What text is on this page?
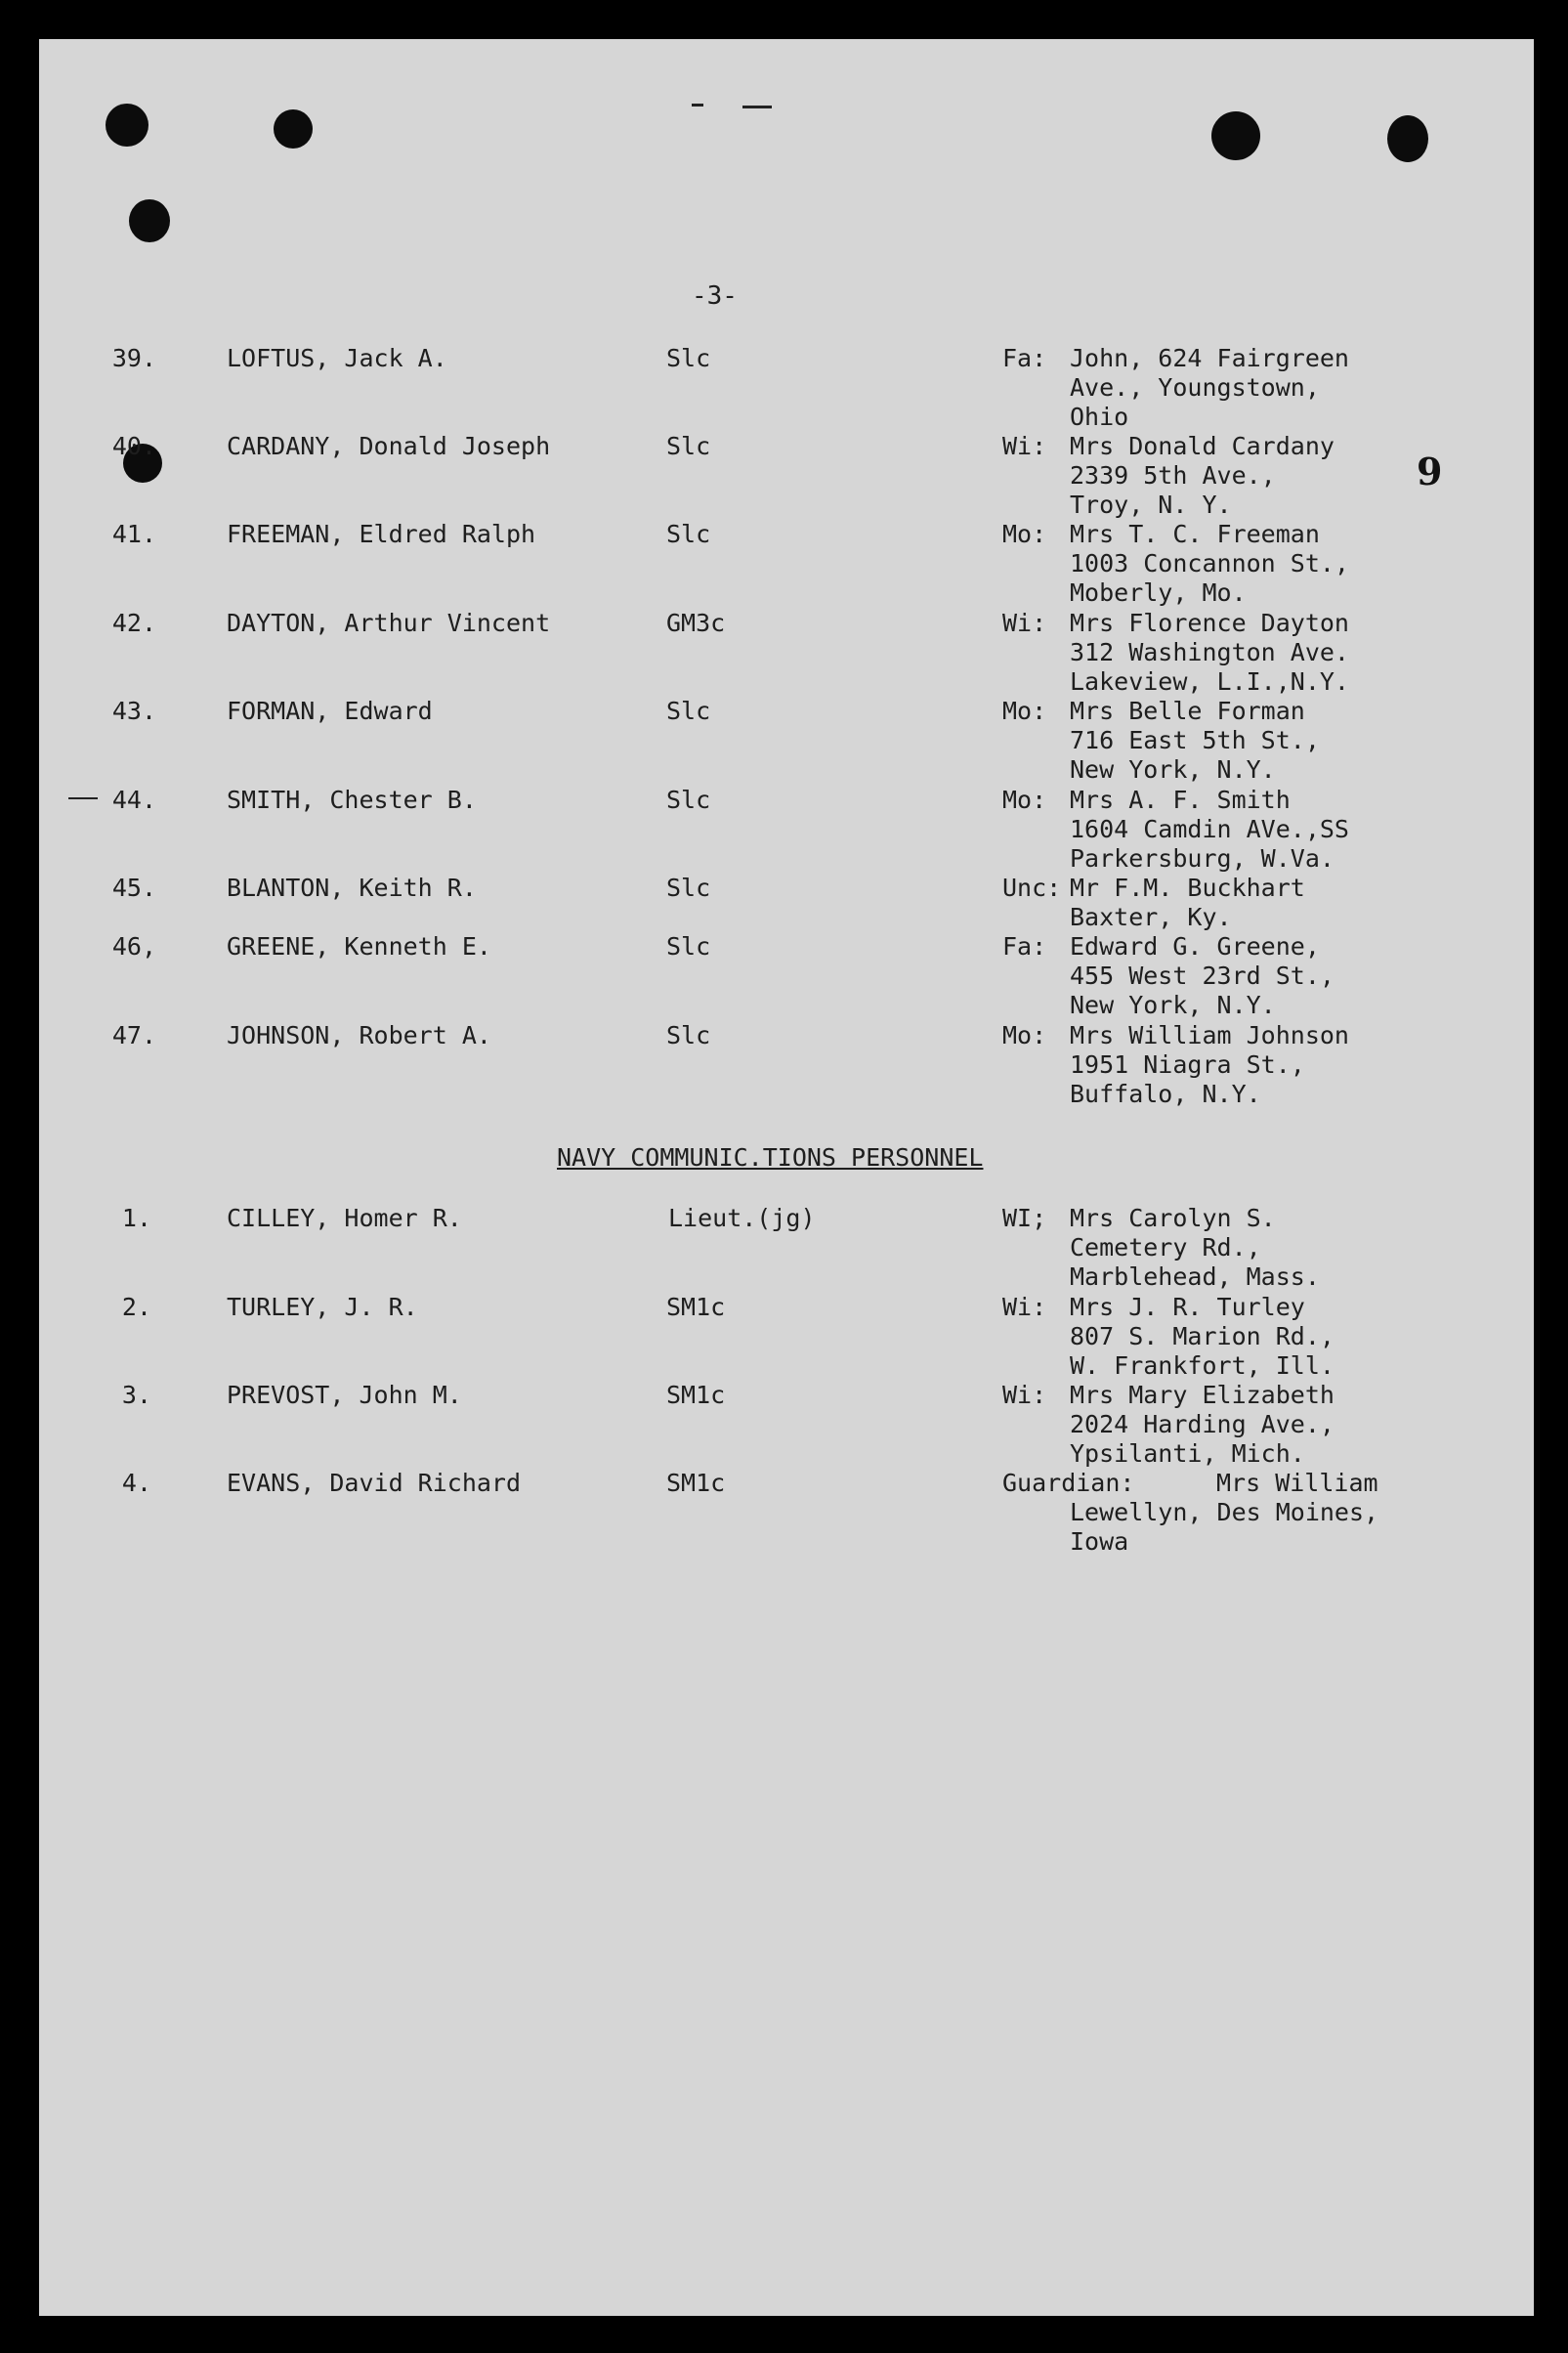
-3-
9
39.	LOFTUS, Jack A.	Slc	Fa: John, 624 Fairgreen
Ave., Youngstown,
Ohio
40.	CARDANY, Donald Joseph	Slc	Wi: Mrs Donald Cardany
2339 5th Ave.,
Troy, N. Y.
41.	FREEMAN, Eldred Ralph	Slc	Mo: Mrs T. C. Freeman
1003 Concannon St.,
Moberly, Mo.
42.	DAYTON, Arthur Vincent	GM3c	Wi: Mrs Florence Dayton
312 Washington Ave.
Lakeview, L.I.,N.Y.
43.	FORMAN, Edward	Slc	Mo: Mrs Belle Forman
716 East 5th St.,
New York, N.Y.
44.	SMITH, Chester B.	Slc	Mo: Mrs A. F. Smith
1604 Camdin AVe.,SS
Parkersburg, W.Va.
45.	BLANTON, Keith R.	Slc	Unc: Mr F.M. Buckhart
Baxter, Ky.
46,	GREENE, Kenneth E.	Slc	Fa: Edward G. Greene,
455 West 23rd St.,
New York, N.Y.
47.	JOHNSON, Robert A.	Slc	Mo: Mrs William Johnson
1951 Niagra St.,
Buffalo, N.Y.
NAVY COMMUNIC.TIONS PERSONNEL
1.	CILLEY, Homer R.	Lieut.(jg)	WI; Mrs Carolyn S.
Cemetery Rd.,
Marblehead, Mass.
2.	TURLEY, J. R.	SM1c	Wi: Mrs J. R. Turley
807 S. Marion Rd.,
W. Frankfort, Ill.
3.	PREVOST, John M.	SM1c	Wi: Mrs Mary Elizabeth
2024 Harding Ave.,
Ypsilanti, Mich.
4.	EVANS, David Richard	SM1c	Guardian:	Mrs William
Lewellyn, Des Moines,
Iowa
